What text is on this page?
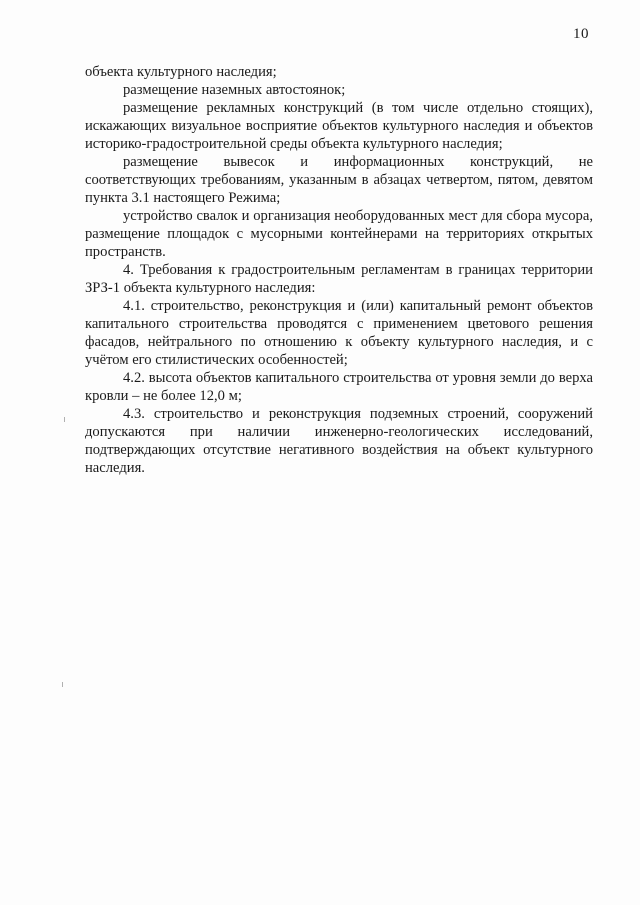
10

объекта культурного наследия;

размещение наземных автостоянок;

размещение рекламных конструкций (в том числе отдельно стоящих), искажающих визуальное восприятие объектов культурного наследия и объектов историко-градостроительной среды объекта культурного наследия;

размещение вывесок и информационных конструкций, не соответствующих требованиям, указанным в абзацах четвертом, пятом, девятом пункта 3.1 настоящего Режима;

устройство свалок и организация необорудованных мест для сбора мусора, размещение площадок с мусорными контейнерами на территориях открытых пространств.

4. Требования к градостроительным регламентам в границах территории ЗРЗ-1 объекта культурного наследия:

4.1. строительство, реконструкция и (или) капитальный ремонт объектов капитального строительства проводятся с применением цветового решения фасадов, нейтрального по отношению к объекту культурного наследия, и с учётом его стилистических особенностей;

4.2. высота объектов капитального строительства от уровня земли до верха кровли – не более 12,0 м;

4.3. строительство и реконструкция подземных строений, сооружений допускаются при наличии инженерно-геологических исследований, подтверждающих отсутствие негативного воздействия на объект культурного наследия.
